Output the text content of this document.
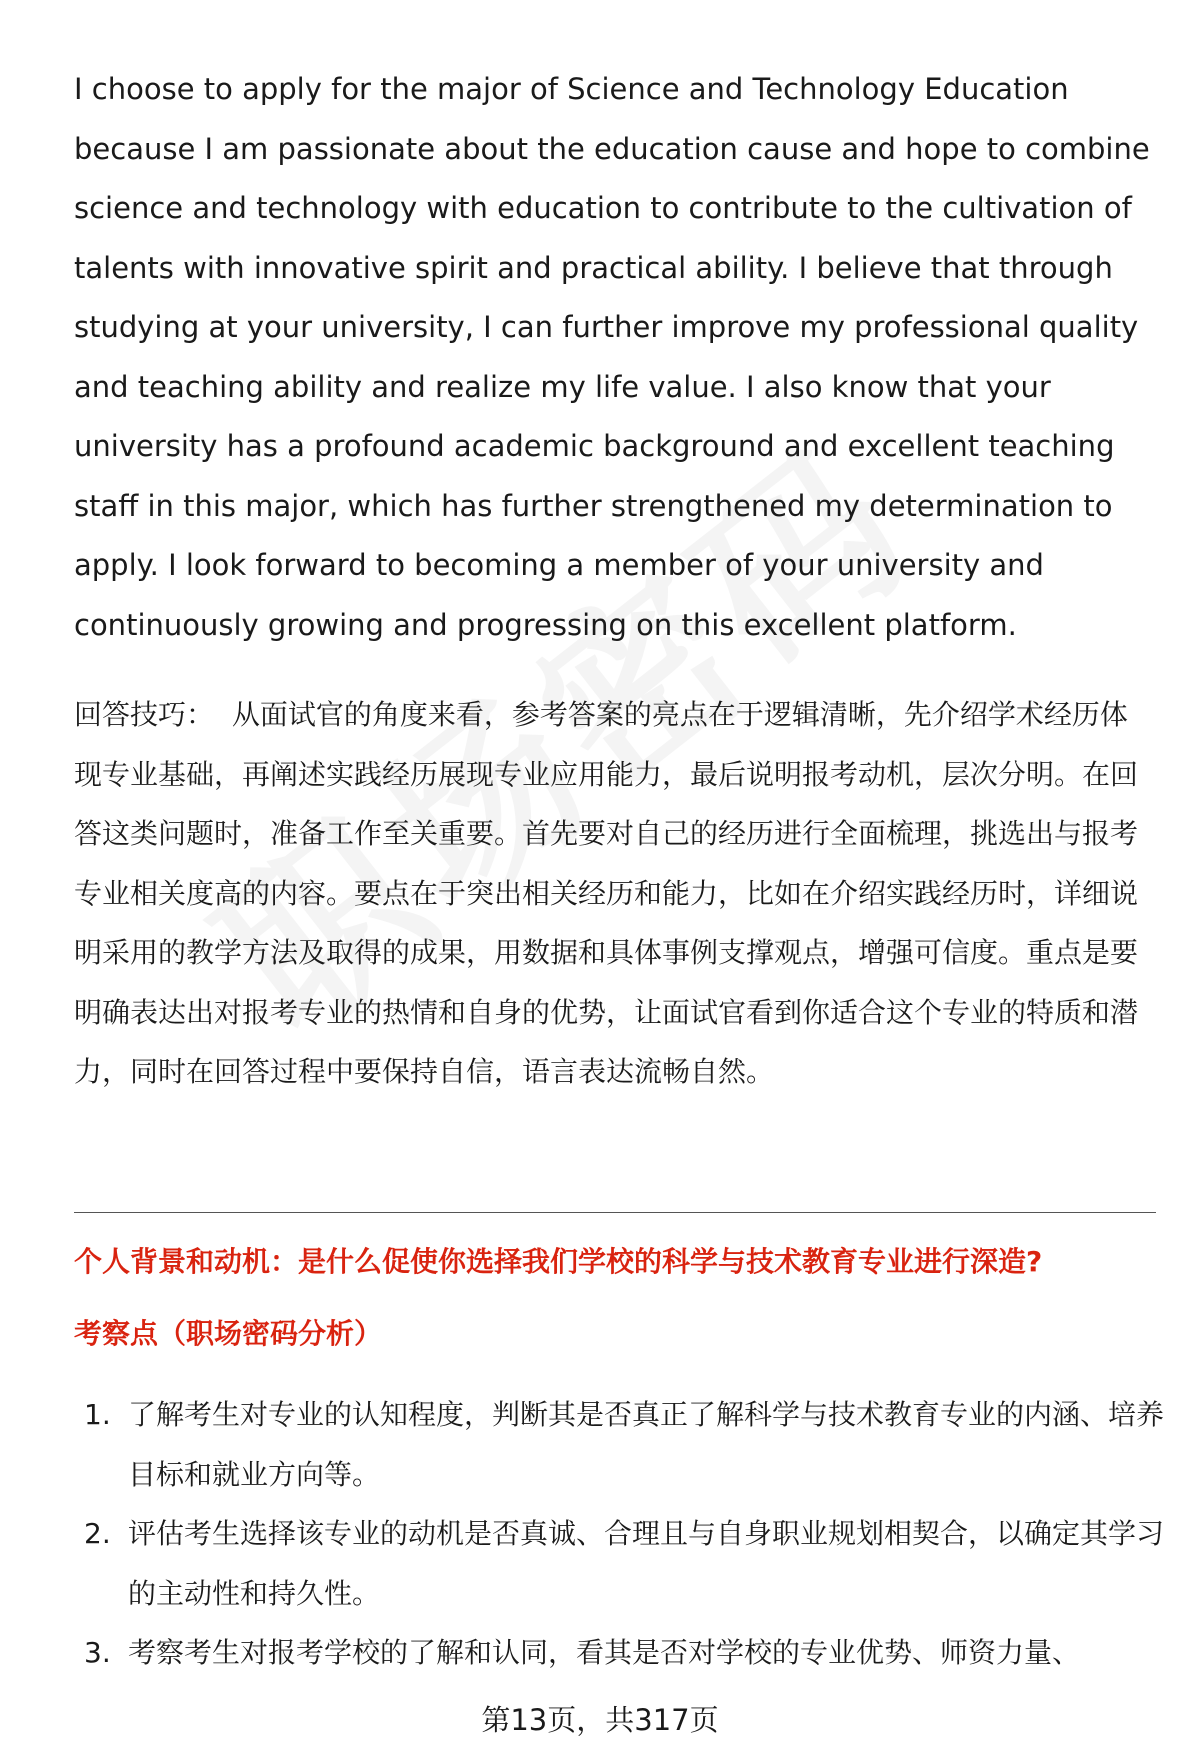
I choose to apply for the major of Science and Technology Education because I am passionate about the education cause and hope to combine science and technology with education to contribute to the cultivation of talents with innovative spirit and practical ability. I believe that through studying at your university, I can further improve my professional quality and teaching ability and realize my life value. I also know that your university has a profound academic background and excellent teaching staff in this major, which has further strengthened my determination to apply. I look forward to becoming a member of your university and continuously growing and progressing on this excellent platform.

回答技巧： 从面试官的角度来看，参考答案的亮点在于逻辑清晰，先介绍学术经历体现专业基础，再阐述实践经历展现专业应用能力，最后说明报考动机，层次分明。在回答这类问题时，准备工作至关重要。首先要对自己的经历进行全面梳理，挑选出与报考专业相关度高的内容。要点在于突出相关经历和能力，比如在介绍实践经历时，详细说明采用的教学方法及取得的成果，用数据和具体事例支撑观点，增强可信度。重点是要明确表达出对报考专业的热情和自身的优势，让面试官看到你适合这个专业的特质和潜力，同时在回答过程中要保持自信，语言表达流畅自然。

个人背景和动机：是什么促使你选择我们学校的科学与技术教育专业进行深造?

考察点（职场密码分析）

1. 了解考生对专业的认知程度，判断其是否真正了解科学与技术教育专业的内涵、培养目标和就业方向等。
2. 评估考生选择该专业的动机是否真诚、合理且与自身职业规划相契合，以确定其学习的主动性和持久性。
3. 考察考生对报考学校的了解和认同，看其是否对学校的专业优势、师资力量、
第13页，共317页
